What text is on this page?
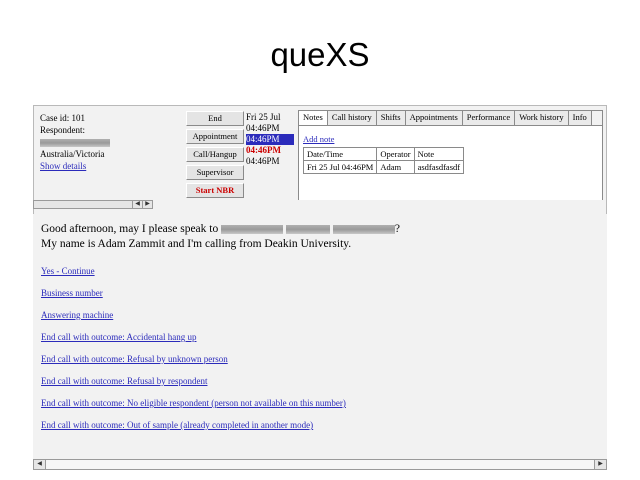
queXS
Case id: 101
Respondent:
Australia/Victoria
Show details
End
Appointment
Call/Hangup
Supervisor
Start NBR
Fri 25 Jul
04:46PM
04:46PM
04:46PM
04:46PM
Notes	Call history	Shifts	Appointments	Performance	Work history	Info
Add note
Date/Time	Operator	Note
Fri 25 Jul 04:46PM	Adam	asdfasdfasdf
◀ ▶
Good afternoon, may I please speak to	?
My name is Adam Zammit and I'm calling from Deakin University.
Yes - Continue
Business number
Answering machine
End call with outcome: Accidental hang up
End call with outcome: Refusal by unknown person
End call with outcome: Refusal by respondent
End call with outcome: No eligible respondent (person not available on this number)
End call with outcome: Out of sample (already completed in another mode)
◀	▶
